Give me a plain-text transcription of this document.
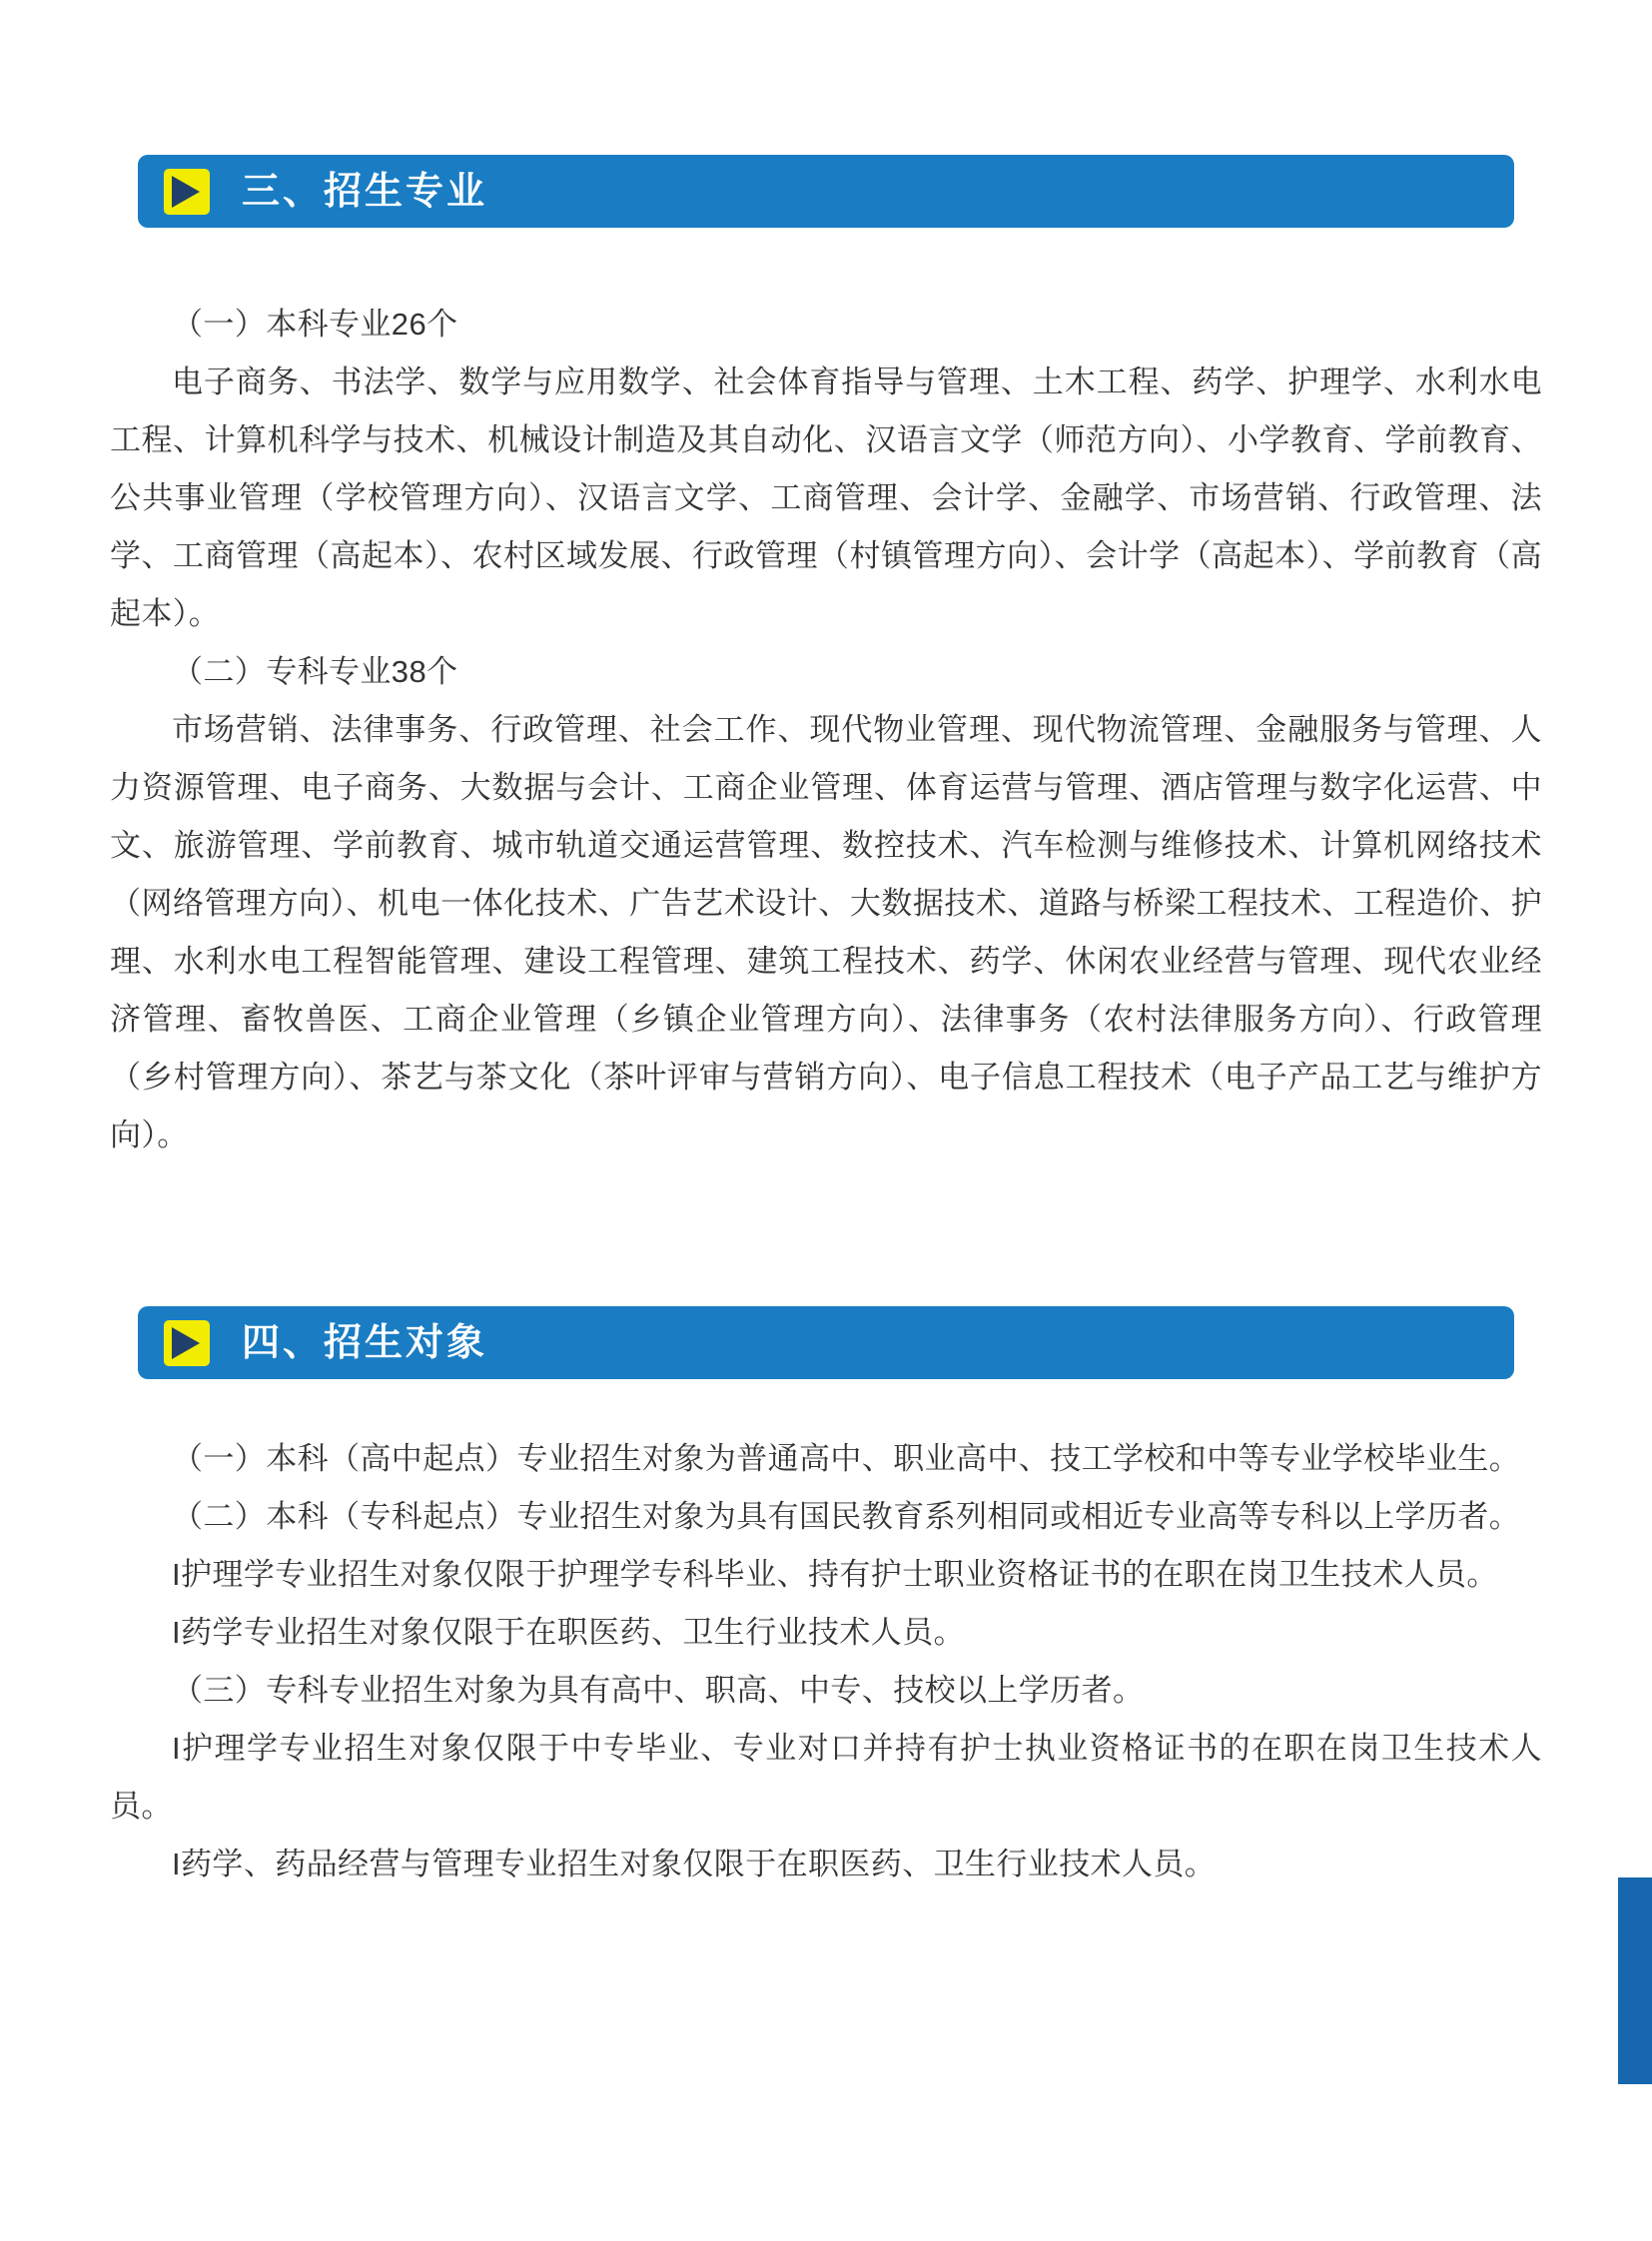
三、招生专业

（一）本科专业26个

电子商务、书法学、数学与应用数学、社会体育指导与管理、土木工程、药学、护理学、水利水电工程、计算机科学与技术、机械设计制造及其自动化、汉语言文学（师范方向）、小学教育、学前教育、公共事业管理（学校管理方向）、汉语言文学、工商管理、会计学、金融学、市场营销、行政管理、法学、工商管理（高起本）、农村区域发展、行政管理（村镇管理方向）、会计学（高起本）、学前教育（高起本）。

（二）专科专业38个

市场营销、法律事务、行政管理、社会工作、现代物业管理、现代物流管理、金融服务与管理、人力资源管理、电子商务、大数据与会计、工商企业管理、体育运营与管理、酒店管理与数字化运营、中文、旅游管理、学前教育、城市轨道交通运营管理、数控技术、汽车检测与维修技术、计算机网络技术（网络管理方向）、机电一体化技术、广告艺术设计、大数据技术、道路与桥梁工程技术、工程造价、护理、水利水电工程智能管理、建设工程管理、建筑工程技术、药学、休闲农业经营与管理、现代农业经济管理、畜牧兽医、工商企业管理（乡镇企业管理方向）、法律事务（农村法律服务方向）、行政管理（乡村管理方向）、茶艺与茶文化（茶叶评审与营销方向）、电子信息工程技术（电子产品工艺与维护方向）。

四、招生对象

（一）本科（高中起点）专业招生对象为普通高中、职业高中、技工学校和中等专业学校毕业生。

（二）本科（专科起点）专业招生对象为具有国民教育系列相同或相近专业高等专科以上学历者。

I护理学专业招生对象仅限于护理学专科毕业、持有护士职业资格证书的在职在岗卫生技术人员。

I药学专业招生对象仅限于在职医药、卫生行业技术人员。

（三）专科专业招生对象为具有高中、职高、中专、技校以上学历者。

I护理学专业招生对象仅限于中专毕业、专业对口并持有护士执业资格证书的在职在岗卫生技术人员。

I药学、药品经营与管理专业招生对象仅限于在职医药、卫生行业技术人员。
